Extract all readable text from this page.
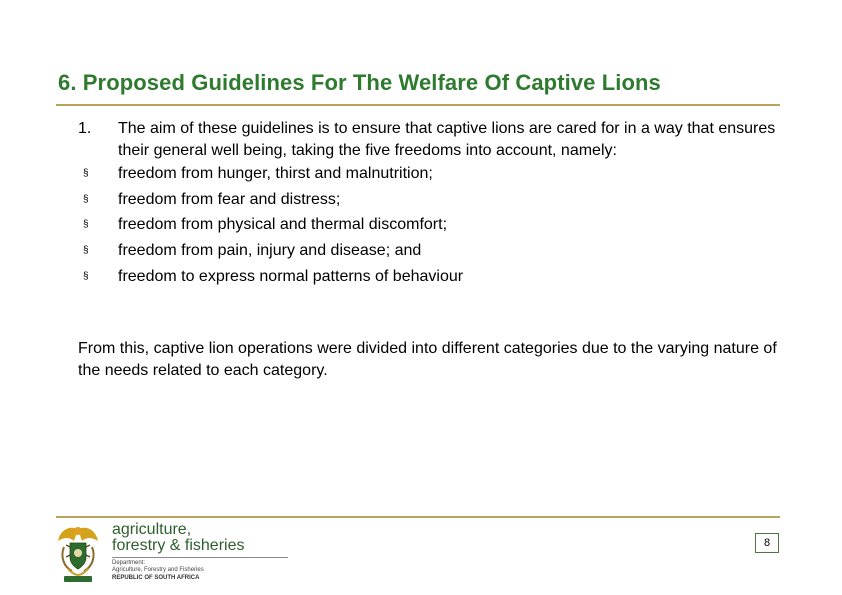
6. Proposed Guidelines For The Welfare Of Captive Lions
1.	The aim of these guidelines is to ensure that captive lions are cared for in a way that ensures their general well being, taking the five freedoms into account, namely:
§	freedom from hunger, thirst and malnutrition;
§	freedom from fear and distress;
§	freedom from physical and thermal discomfort;
§	freedom from pain, injury and disease; and
§	freedom to express normal patterns of behaviour
From this, captive lion operations were divided into different categories due to the varying nature of the needs related to each category.
agriculture,
forestry & fisheries
Department:
Agriculture, Forestry and Fisheries
REPUBLIC OF SOUTH AFRICA
8
